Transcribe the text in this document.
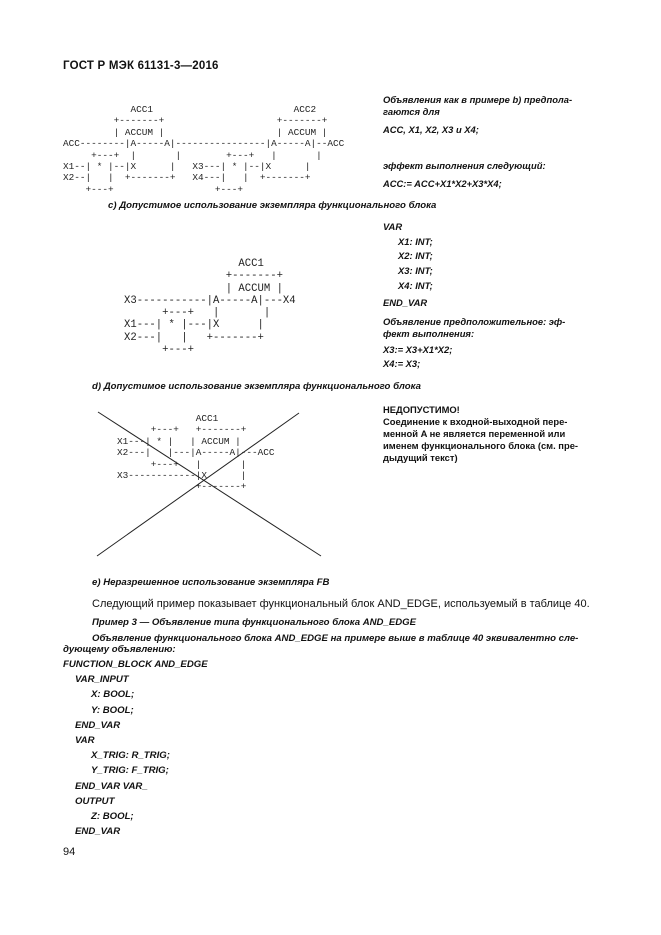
ГОСТ Р МЭК 61131-3—2016
ACC1                         ACC2
+-------+                    +-------+
| ACCUM |                    | ACCUM |
ACC--------|A-----A|----------------|A-----A|--ACC
+---+  |       |        +---+   |       |
X1--| * |--|X      |   X3---| * |--|X      |
X2--|   |  +-------+   X4---|   |  +-------+
+---+                  +---+
Объявления как в примере b) предпола-
гаются для
ACC, X1, X2, X3 и X4;
эффект выполнения следующий:
ACC:= ACC+X1*X2+X3*X4;
c) Допустимое использование экземпляра функционального блока
ACC1
+-------+
| ACCUM |
X3-----------|A-----A|---X4
+---+   |       |
X1---| * |---|X      |
X2---|   |   +-------+
+---+
VAR
X1: INT;
X2: INT;
X3: INT;
X4: INT;
END_VAR
Объявление предположительное: эф-
фект выполнения:
X3:= X3+X1*X2;
X4:= X3;
d) Допустимое использование экземпляра функционального блока
ACC1
+---+   +-------+
X1---| * |   | ACCUM |
X2---|   |---|A-----A|---ACC
+---+   |       |
X3------------|X      |
+-------+
НЕДОПУСТИМО!
Соединение к входной-выходной пере-
менной A не является переменной или
именем функционального блока (см. пре-
дыдущий текст)
e) Неразрешенное использование экземпляра FB
Следующий пример показывает функциональный блок AND_EDGE, используемый в таблице 40.
Пример 3 — Объявление типа функционального блока AND_EDGE
Объявление функционального блока AND_EDGE на примере выше в таблице 40 эквивалентно сле-
дующему объявлению:
FUNCTION_BLOCK AND_EDGE
VAR_INPUT
X: BOOL;
Y: BOOL;
END_VAR
VAR
X_TRIG: R_TRIG;
Y_TRIG: F_TRIG;
END_VAR VAR_
OUTPUT
Z: BOOL;
END_VAR
94
